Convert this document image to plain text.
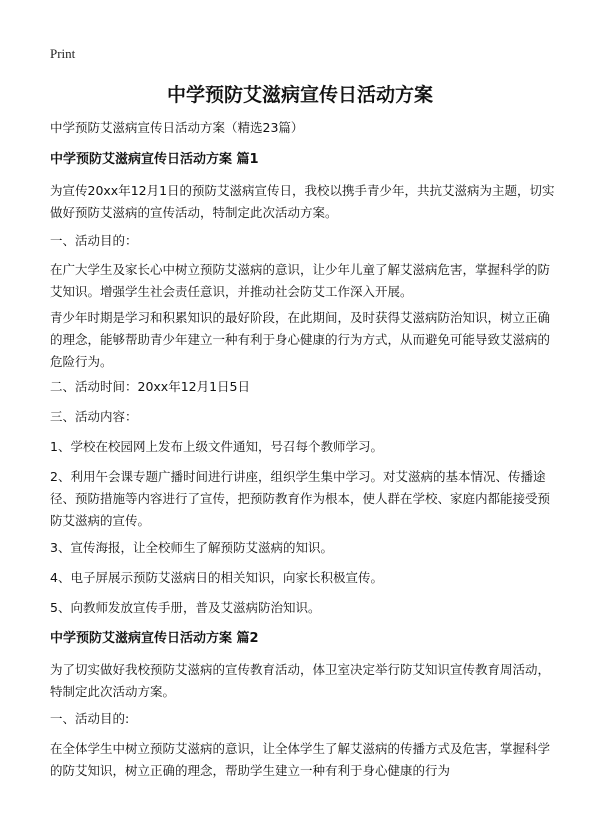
Print
中学预防艾滋病宣传日活动方案
中学预防艾滋病宣传日活动方案（精选23篇）
中学预防艾滋病宣传日活动方案 篇1
为宣传20xx年12月1日的预防艾滋病宣传日，我校以携手青少年，共抗艾滋病为主题，切实做好预防艾滋病的宣传活动，特制定此次活动方案。
一、活动目的：
在广大学生及家长心中树立预防艾滋病的意识，让少年儿童了解艾滋病危害，掌握科学的防艾知识。增强学生社会责任意识，并推动社会防艾工作深入开展。
青少年时期是学习和积累知识的最好阶段，在此期间，及时获得艾滋病防治知识，树立正确的理念，能够帮助青少年建立一种有利于身心健康的行为方式，从而避免可能导致艾滋病的危险行为。
二、活动时间：20xx年12月1日5日
三、活动内容：
1、学校在校园网上发布上级文件通知，号召每个教师学习。
2、利用午会课专题广播时间进行讲座，组织学生集中学习。对艾滋病的基本情况、传播途径、预防措施等内容进行了宣传，把预防教育作为根本，使人群在学校、家庭内都能接受预防艾滋病的宣传。
3、宣传海报，让全校师生了解预防艾滋病的知识。
4、电子屏展示预防艾滋病日的相关知识，向家长积极宣传。
5、向教师发放宣传手册，普及艾滋病防治知识。
中学预防艾滋病宣传日活动方案 篇2
为了切实做好我校预防艾滋病的宣传教育活动，体卫室决定举行防艾知识宣传教育周活动，特制定此次活动方案。
一、活动目的:
在全体学生中树立预防艾滋病的意识，让全体学生了解艾滋病的传播方式及危害，掌握科学的防艾知识，树立正确的理念，帮助学生建立一种有利于身心健康的行为
